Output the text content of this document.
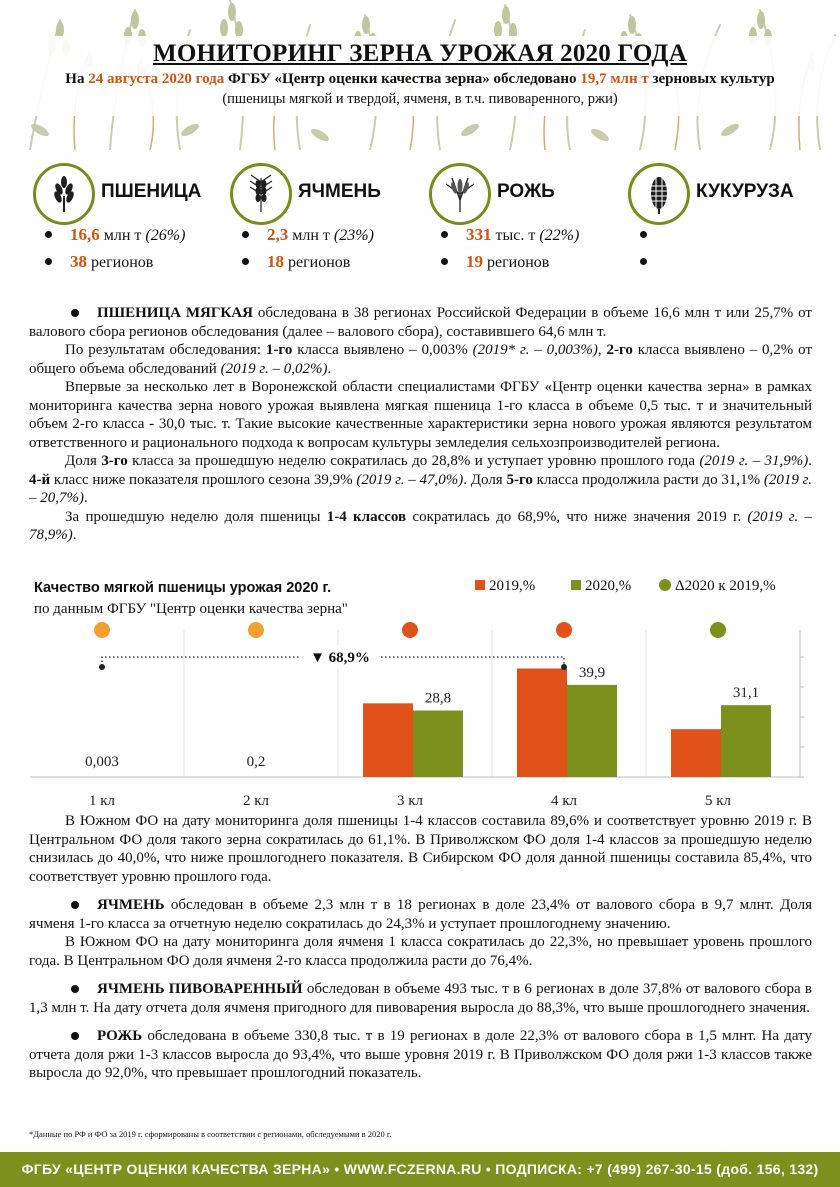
МОНИТОРИНГ ЗЕРНА УРОЖАЯ 2020 ГОДА
На 24 августа 2020 года ФГБУ «Центр оценки качества зерна» обследовано 19,7 млн т зерновых культур
(пшеницы мягкой и твердой, ячменя, в т.ч. пивоваренного, ржи)
ПШЕНИЦА
16,6 млн т (26%)
38 регионов
ЯЧМЕНЬ
2,3 млн т (23%)
18 регионов
РОЖЬ
331 тыс. т (22%)
19 регионов
КУКУРУЗА

ПШЕНИЦА МЯГКАЯ обследована в 38 регионах Российской Федерации в объеме 16,6 млн т или 25,7% от валового сбора регионов обследования (далее – валового сбора), составившего 64,6 млн т.

По результатам обследования: 1-го класса выявлено – 0,003% (2019* г. – 0,003%), 2-го класса выявлено – 0,2% от общего объема обследований (2019 г. – 0,02%).

Впервые за несколько лет в Воронежской области специалистами ФГБУ «Центр оценки качества зерна» в рамках мониторинга качества зерна нового урожая выявлена мягкая пшеница 1-го класса в объеме 0,5 тыс. т и значительный объем 2-го класса - 30,0 тыс. т. Такие высокие качественные характеристики зерна нового урожая являются результатом ответственного и рационального подхода к вопросам культуры земледелия сельхозпроизводителей региона.

Доля 3-го класса за прошедшую неделю сократилась до 28,8% и уступает уровню прошлого года (2019 г. – 31,9%). 4-й класс ниже показателя прошлого сезона 39,9% (2019 г. – 47,0%). Доля 5-го класса продолжила расти до 31,1% (2019 г. – 20,7%).

За прошедшую неделю доля пшеницы 1-4 классов сократилась до 68,9%, что ниже значения 2019 г. (2019 г. – 78,9%).

Качество мягкой пшеницы урожая 2020 г.
по данным ФГБУ "Центр оценки качества зерна"
2019,%	2020,%	Δ2020 к 2019,%
0,003
1 кл
0,2
2 кл
28,8
3 кл
39,9
4 кл
31,1
5 кл
▼ 68,9%

В Южном ФО на дату мониторинга доля пшеницы 1-4 классов составила 89,6% и соответствует уровню 2019 г. В Центральном ФО доля такого зерна сократилась до 61,1%. В Приволжском ФО доля 1-4 классов за прошедшую неделю снизилась до 40,0%, что ниже прошлогоднего показателя. В Сибирском ФО доля данной пшеницы составила 85,4%, что соответствует уровню прошлого года.

ЯЧМЕНЬ обследован в объеме 2,3 млн т в 18 регионах в доле 23,4% от валового сбора в 9,7 млнт. Доля ячменя 1-го класса за отчетную неделю сократилась до 24,3% и уступает прошлогоднему значению.

В Южном ФО на дату мониторинга доля ячменя 1 класса сократилась до 22,3%, но превышает уровень прошлого года. В Центральном ФО доля ячменя 2-го класса продолжила расти до 76,4%.

ЯЧМЕНЬ ПИВОВАРЕННЫЙ обследован в объеме 493 тыс. т в 6 регионах в доле 37,8% от валового сбора в 1,3 млн т. На дату отчета доля ячменя пригодного для пивоварения выросла до 88,3%, что выше прошлогоднего значения.

РОЖЬ обследована в объеме 330,8 тыс. т в 19 регионах в доле 22,3% от валового сбора в 1,5 млнт. На дату отчета доля ржи 1-3 классов выросла до 93,4%, что выше уровня 2019 г. В Приволжском ФО доля ржи 1-3 классов также выросла до 92,0%, что превышает прошлогодний показатель.

*Данные по РФ и ФО за 2019 г. сформированы в соответствии с регионами, обследуемыми в 2020 г.
ФГБУ «ЦЕНТР ОЦЕНКИ КАЧЕСТВА ЗЕРНА» • WWW.FCZERNA.RU • ПОДПИСКА: +7 (499) 267-30-15 (доб. 156, 132)
